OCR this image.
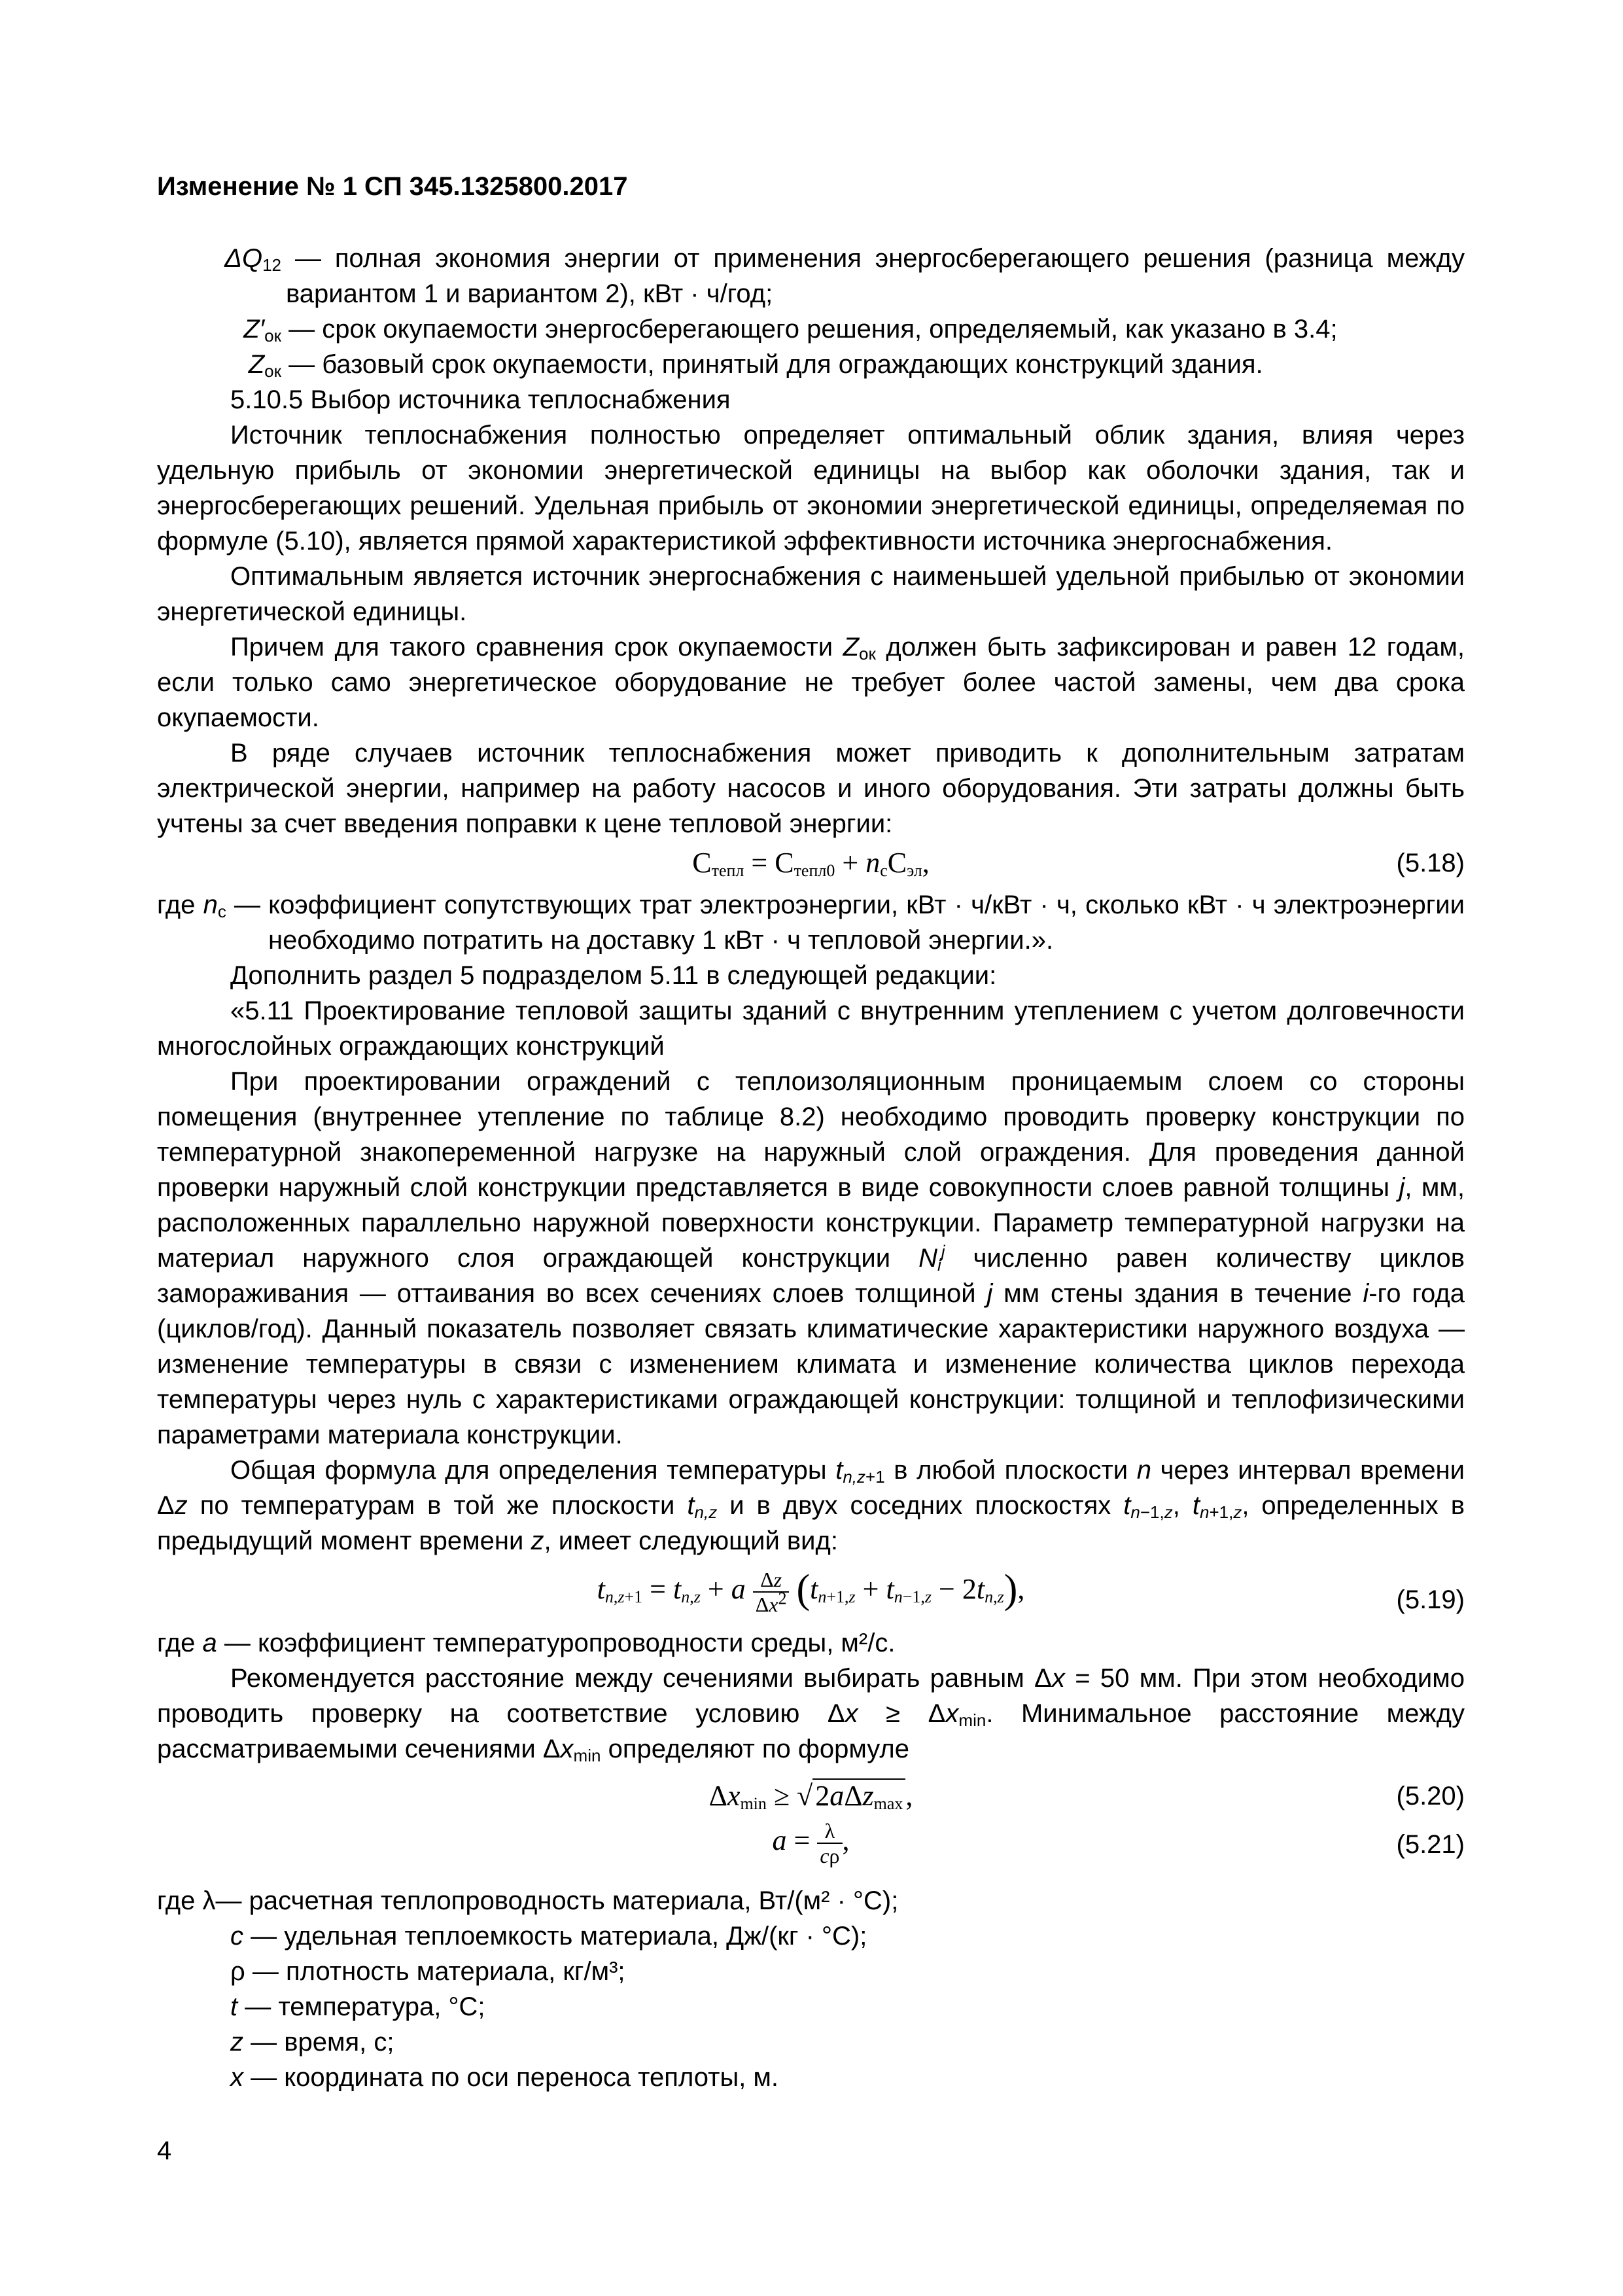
Изменение № 1 СП 345.1325800.2017

$\Delta Q_{12}$ — полная экономия энергии от применения энергосберегающего решения (разница между вариантом 1 и вариантом 2), кВт · ч/год;

$Z'_{ок}$ — срок окупаемости энергосберегающего решения, определяемый, как указано в 3.4;

$Z_{ок}$ — базовый срок окупаемости, принятый для ограждающих конструкций здания.

5.10.5 Выбор источника теплоснабжения

Источник теплоснабжения полностью определяет оптимальный облик здания, влияя через удельную прибыль от экономии энергетической единицы на выбор как оболочки здания, так и энергосберегающих решений. Удельная прибыль от экономии энергетической единицы, определяемая по формуле (5.10), является прямой характеристикой эффективности источника энергоснабжения.

Оптимальным является источник энергоснабжения с наименьшей удельной прибылью от экономии энергетической единицы.

Причем для такого сравнения срок окупаемости $Z_{ок}$ должен быть зафиксирован и равен 12 годам, если только само энергетическое оборудование не требует более частой замены, чем два срока окупаемости.

В ряде случаев источник теплоснабжения может приводить к дополнительным затратам электрической энергии, например на работу насосов и иного оборудования. Эти затраты должны быть учтены за счет введения поправки к цене тепловой энергии:

$С_{тепл} = С_{тепл0} + n_сС_{эл}$,	(5.18)

где $n_с$ — коэффициент сопутствующих трат электроэнергии, кВт · ч/кВт · ч, сколько кВт · ч электроэнергии необходимо потратить на доставку 1 кВт · ч тепловой энергии.».

Дополнить раздел 5 подразделом 5.11 в следующей редакции:

«5.11 Проектирование тепловой защиты зданий с внутренним утеплением с учетом долговечности многослойных ограждающих конструкций

При проектировании ограждений с теплоизоляционным проницаемым слоем со стороны помещения (внутреннее утепление по таблице 8.2) необходимо проводить проверку конструкции по температурной знакопеременной нагрузке на наружный слой ограждения. Для проведения данной проверки наружный слой конструкции представляется в виде совокупности слоев равной толщины j, мм, расположенных параллельно наружной поверхности конструкции. Параметр температурной нагрузки на материал наружного слоя ограждающей конструкции $N_i^j$ численно равен количеству циклов замораживания — оттаивания во всех сечениях слоев толщиной j мм стены здания в течение i-го года (циклов/год). Данный показатель позволяет связать климатические характеристики наружного воздуха — изменение температуры в связи с изменением климата и изменение количества циклов перехода температуры через нуль с характеристиками ограждающей конструкции: толщиной и теплофизическими параметрами материала конструкции.

Общая формула для определения температуры $t_{n,z+1}$ в любой плоскости n через интервал времени Δz по температурам в той же плоскости $t_{n,z}$ и в двух соседних плоскостях $t_{n-1,z}$, $t_{n+1,z}$, определенных в предыдущий момент времени z, имеет следующий вид:

$t_{n,z+1} = t_{n,z} + a \frac{\Delta z}{\Delta x^2} (t_{n+1,z} + t_{n-1,z} - 2t_{n,z})$,	(5.19)

где a — коэффициент температуропроводности среды, м²/с.

Рекомендуется расстояние между сечениями выбирать равным Δx = 50 мм. При этом необходимо проводить проверку на соответствие условию $\Delta x \ge \Delta x_{min}$. Минимальное расстояние между рассматриваемыми сечениями $\Delta x_{min}$ определяют по формуле

$\Delta x_{min} \ge √2a\Delta z_{max}$,	(5.20)
$a = \frac{\lambda}{c\rho}$ ,	(5.21)

где λ— расчетная теплопроводность материала, Вт/(м² · °С);

c — удельная теплоемкость материала, Дж/(кг · °С);

ρ — плотность материала, кг/м³;

t — температура, °С;

z — время, с;

x — координата по оси переноса теплоты, м.

4
